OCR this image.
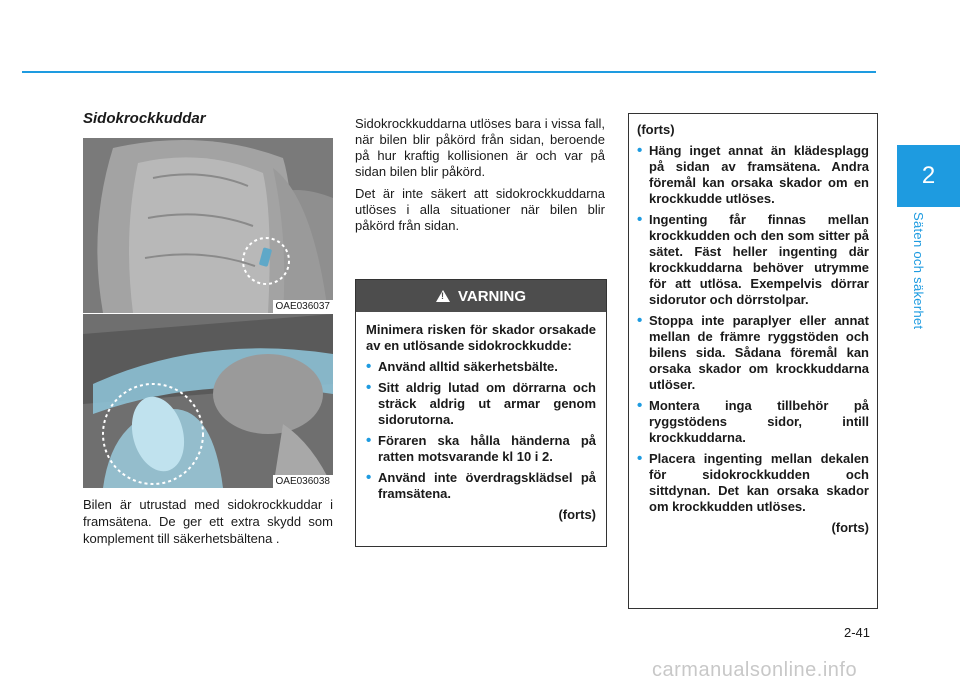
2
Säten och säkerhet
Sidokrockkuddar
OAE036037
OAE036038
Bilen är utrustad med sidokrockkuddar i framsätena. De ger ett extra skydd som komplement till säkerhetsbältena .

Sidokrockkuddarna utlöses bara i vissa fall, när bilen blir påkörd från sidan, beroende på hur kraftig kollisionen är och var på sidan bilen blir påkörd.

Det är inte säkert att sidokrockkuddarna utlöses i alla situationer när bilen blir påkörd från sidan.

!
VARNING
Minimera risken för skador orsakade av en utlösande sidokrockkudde:
• Använd alltid säkerhetsbälte.
• Sitt aldrig lutad om dörrarna och sträck aldrig ut armar genom sidorutorna.
• Föraren ska hålla händerna på ratten motsvarande kl 10 i 2.
• Använd inte överdragsklädsel på framsätena.
(forts)
(forts)
• Häng inget annat än klädesplagg på sidan av framsätena. Andra föremål kan orsaka skador om en krockkudde utlöses.
• Ingenting får finnas mellan krockkudden och den som sitter på sätet. Fäst heller ingenting där krockkuddarna behöver utrymme för att utlösa. Exempelvis dörrar sidorutor och dörrstolpar.
• Stoppa inte paraplyer eller annat mellan de främre ryggstöden och bilens sida. Sådana föremål kan orsaka skador om krockkuddarna utlöser.
• Montera inga tillbehör på ryggstödens sidor, intill krockkuddarna.
• Placera ingenting mellan dekalen för sidokrockkudden och sittdynan. Det kan orsaka skador om krockkudden utlöses.
(forts)
2-41
carmanualsonline.info
